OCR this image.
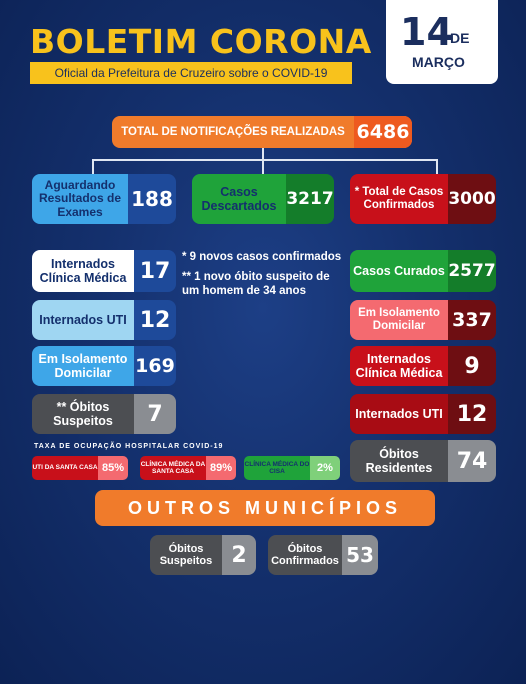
BOLETIM CORONA
Oficial da Prefeitura de Cruzeiro sobre o COVID-19
14
DE
MARÇO
TOTAL DE NOTIFICAÇÕES REALIZADAS 6486
Aguardando Resultados de Exames
188	Casos Descartados 3217	* Total de Casos Confirmados 3000
* 9 novos casos confirmados
** 1 novo óbito suspeito de um homem de 34 anos
Internados Clínica Médica 17
Internados UTI 12
Em Isolamento Domicilar	169
** Óbitos Suspeitos	7
Casos Curados 2577
Em Isolamento Domicilar	337
Internados Clínica Médica 9
Internados UTI 12
Óbitos Residentes	74
TAXA DE OCUPAÇÃO HOSPITALAR COVID-19
UTI DA SANTA CASA 85%	CLÍNICA MÉDICA DA SANTA CASA	89%	CLÍNICA MÉDICA DO CISA	2%
OUTROS MUNICÍPIOS
Óbitos Suspeitos 2	Óbitos Confirmados 53
